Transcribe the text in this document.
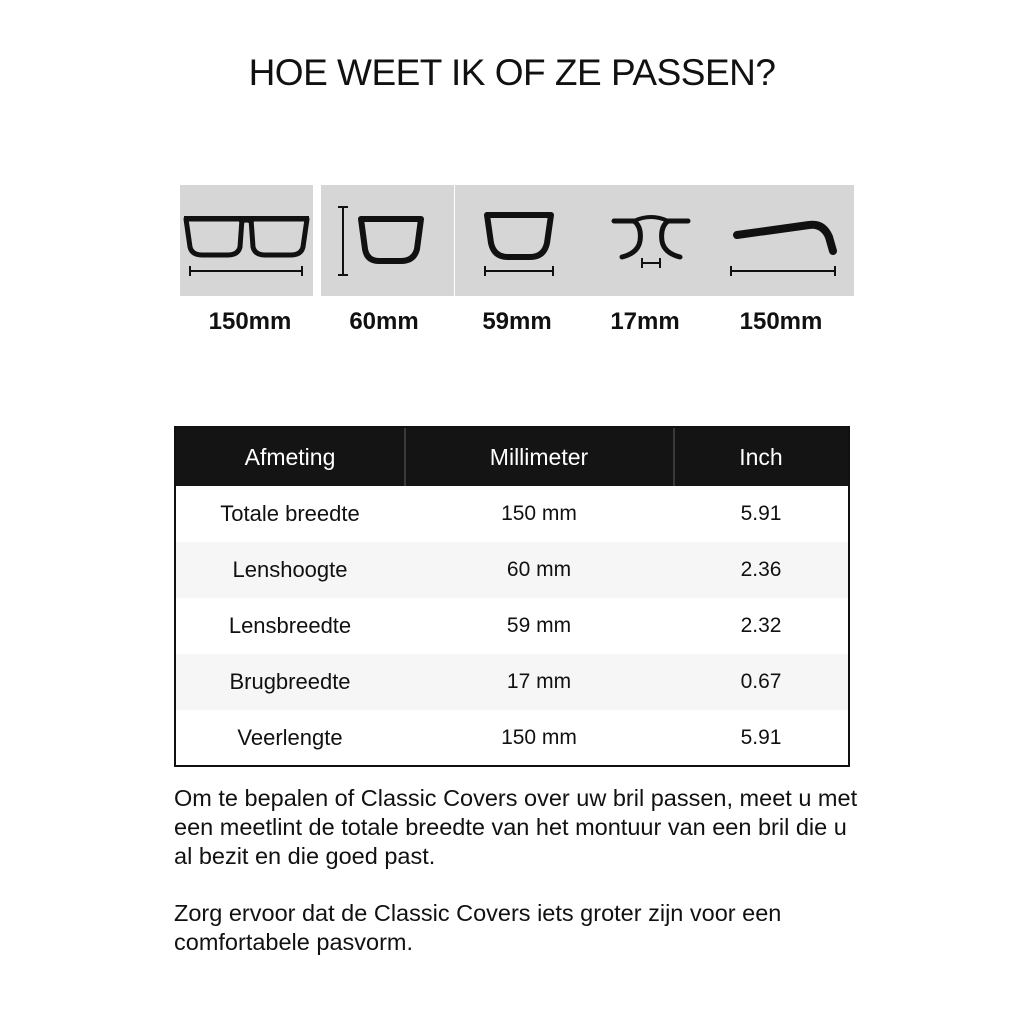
HOE WEET IK OF ZE PASSEN?
150mm	60mm	59mm	17mm	150mm
Afmeting	Millimeter	Inch
Totale breedte	150 mm	5.91
Lenshoogte	60 mm	2.36
Lensbreedte	59 mm	2.32
Brugbreedte	17 mm	0.67
Veerlengte	150 mm	5.91
Om te bepalen of Classic Covers over uw bril passen, meet u met een meetlint de totale breedte van het montuur van een bril die u al bezit en die goed past.
Zorg ervoor dat de Classic Covers iets groter zijn voor een comfortabele pasvorm.
